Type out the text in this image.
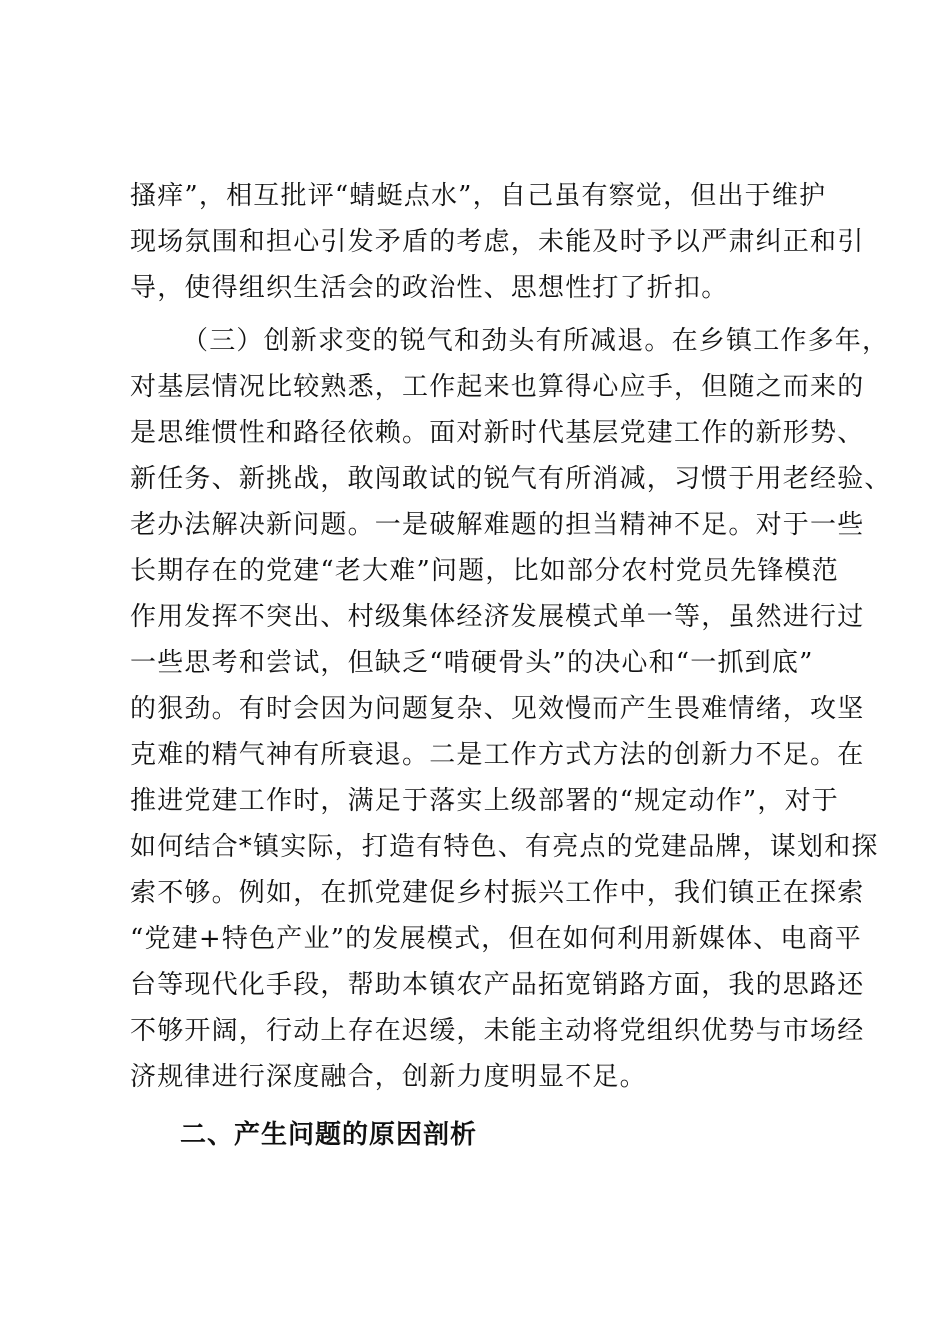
搔痒”，相互批评“蜻蜓点水”，自己虽有察觉，但出于维护
现场氛围和担心引发矛盾的考虑，未能及时予以严肃纠正和引
导，使得组织生活会的政治性、思想性打了折扣。
（三）创新求变的锐气和劲头有所减退。在乡镇工作多年，
对基层情况比较熟悉，工作起来也算得心应手，但随之而来的
是思维惯性和路径依赖。面对新时代基层党建工作的新形势、
新任务、新挑战，敢闯敢试的锐气有所消减，习惯于用老经验、
老办法解决新问题。一是破解难题的担当精神不足。对于一些
长期存在的党建“老大难”问题，比如部分农村党员先锋模范
作用发挥不突出、村级集体经济发展模式单一等，虽然进行过
一些思考和尝试，但缺乏“啃硬骨头”的决心和“一抓到底”
的狠劲。有时会因为问题复杂、见效慢而产生畏难情绪，攻坚
克难的精气神有所衰退。二是工作方式方法的创新力不足。在
推进党建工作时，满足于落实上级部署的“规定动作”，对于
如何结合*镇实际，打造有特色、有亮点的党建品牌，谋划和探
索不够。例如，在抓党建促乡村振兴工作中，我们镇正在探索
“党建+特色产业”的发展模式，但在如何利用新媒体、电商平
台等现代化手段，帮助本镇农产品拓宽销路方面，我的思路还
不够开阔，行动上存在迟缓，未能主动将党组织优势与市场经
济规律进行深度融合，创新力度明显不足。
二、产生问题的原因剖析
